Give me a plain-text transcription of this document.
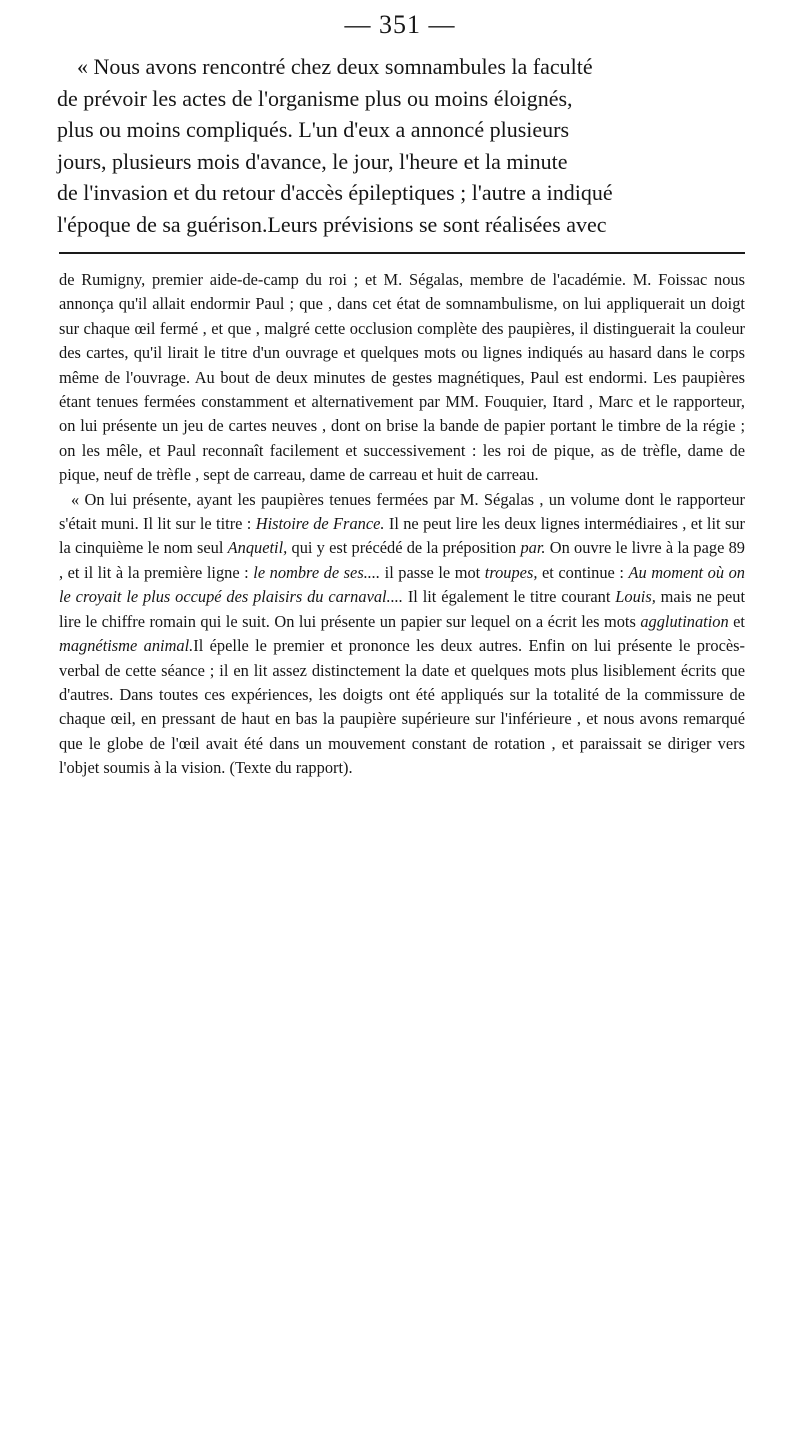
— 351 —
« Nous avons rencontré chez deux somnambules la faculté
de prévoir les actes de l'organisme plus ou moins éloignés,
plus ou moins compliqués. L'un d'eux a annoncé plusieurs
jours, plusieurs mois d'avance, le jour, l'heure et la minute
de l'invasion et du retour d'accès épileptiques ; l'autre a indiqué
l'époque de sa guérison.Leurs prévisions se sont réalisées avec

de Rumigny, premier aide-de-camp du roi ; et M. Ségalas, membre de l'académie. M. Foissac nous annonça qu'il allait endormir Paul ; que , dans cet état de somnambulisme, on lui appliquerait un doigt sur chaque œil fermé , et que , malgré cette occlusion complète des paupières, il distinguerait la couleur des cartes, qu'il lirait le titre d'un ouvrage et quelques mots ou lignes indiqués au hasard dans le corps même de l'ouvrage. Au bout de deux minutes de gestes magnétiques, Paul est endormi. Les paupières étant tenues fermées constamment et alternativement par MM. Fouquier, Itard , Marc et le rapporteur, on lui présente un jeu de cartes neuves , dont on brise la bande de papier portant le timbre de la régie ; on les mêle, et Paul reconnaît facilement et successivement : les roi de pique, as de trèfle, dame de pique, neuf de trèfle , sept de carreau, dame de carreau et huit de carreau.

« On lui présente, ayant les paupières tenues fermées par M. Ségalas , un volume dont le rapporteur s'était muni. Il lit sur le titre : Histoire de France. Il ne peut lire les deux lignes intermédiaires , et lit sur la cinquième le nom seul Anquetil, qui y est précédé de la préposition par. On ouvre le livre à la page 89 , et il lit à la première ligne : le nombre de ses.... il passe le mot troupes, et continue : Au moment où on le croyait le plus occupé des plaisirs du carnaval.... Il lit également le titre courant Louis, mais ne peut lire le chiffre romain qui le suit. On lui présente un papier sur lequel on a écrit les mots agglutination et magnétisme animal.Il épelle le premier et prononce les deux autres. Enfin on lui présente le procès-verbal de cette séance ; il en lit assez distinctement la date et quelques mots plus lisiblement écrits que d'autres. Dans toutes ces expériences, les doigts ont été appliqués sur la totalité de la commissure de chaque œil, en pressant de haut en bas la paupière supérieure sur l'inférieure , et nous avons remarqué que le globe de l'œil avait été dans un mouvement constant de rotation , et paraissait se diriger vers l'objet soumis à la vision. (Texte du rapport).
